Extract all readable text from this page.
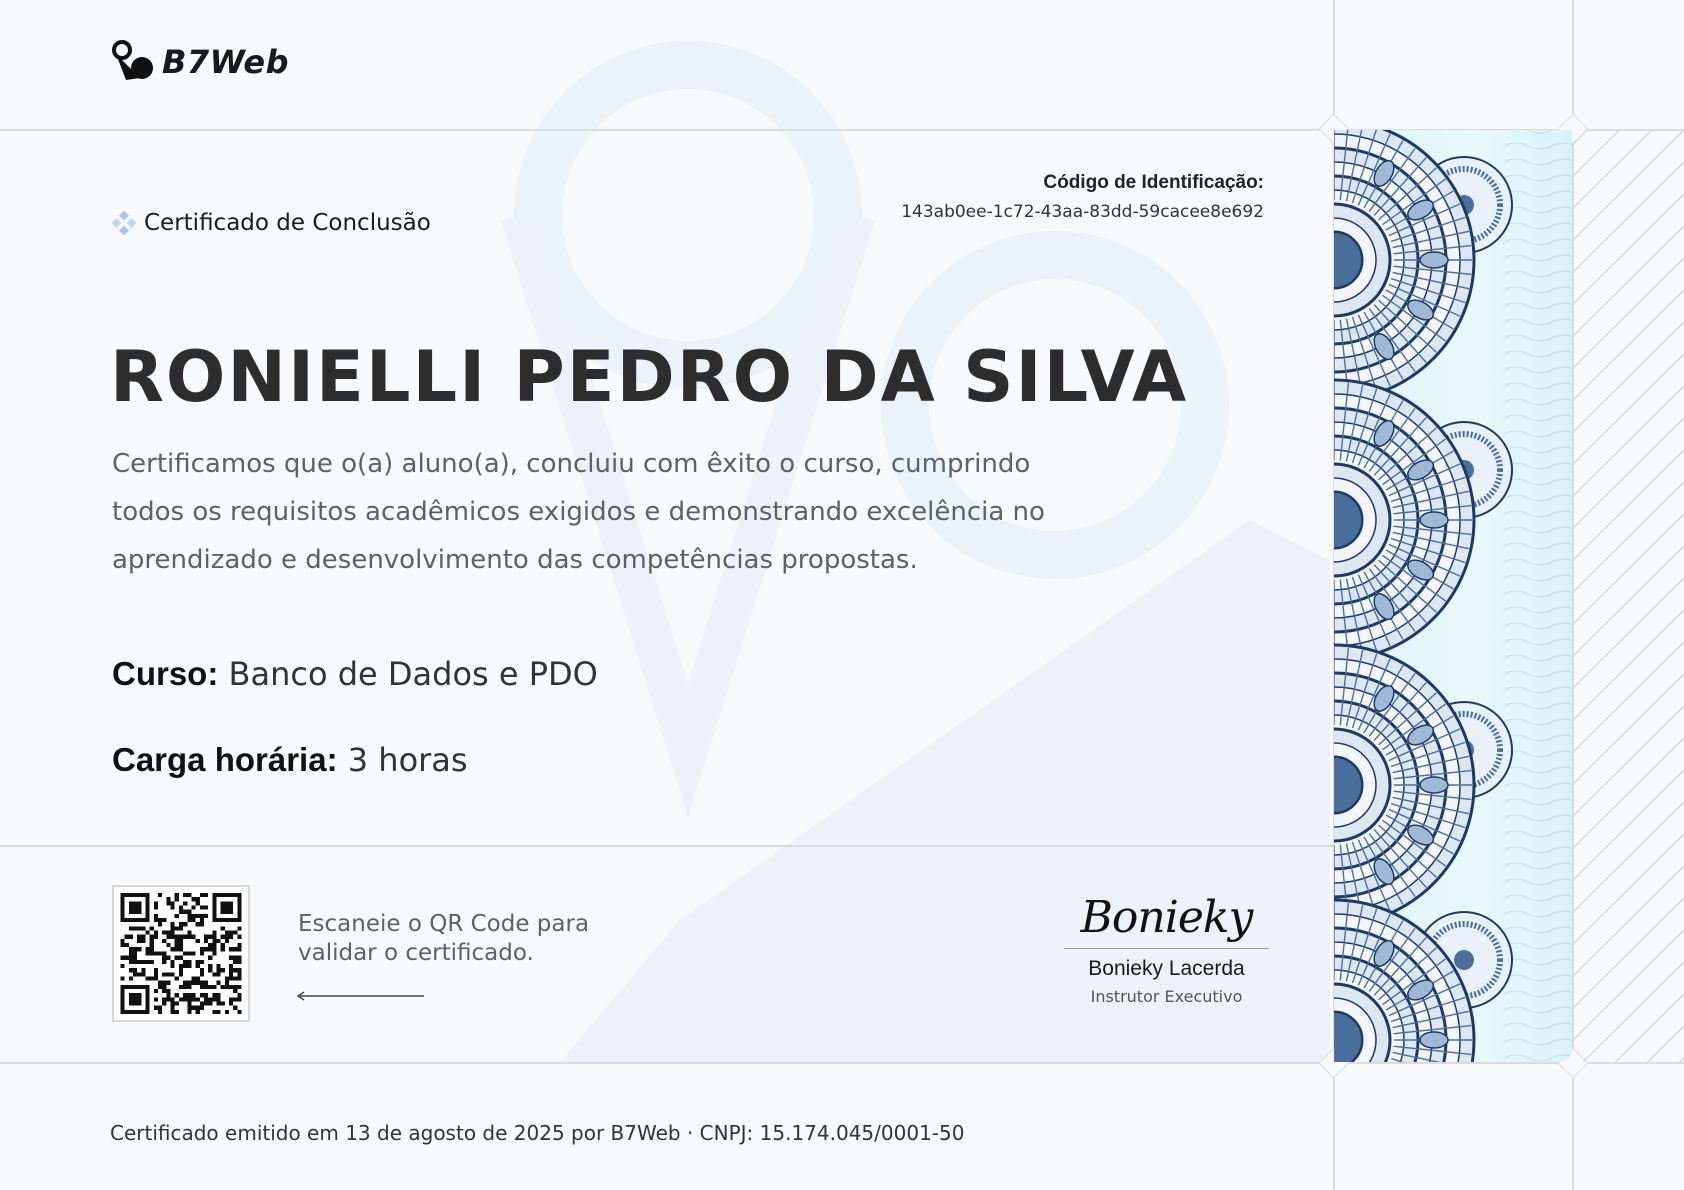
B7Web
Certificado de Conclusão
Código de Identificação:
143ab0ee-1c72-43aa-83dd-59cacee8e692
RONIELLI PEDRO DA SILVA
Certificamos que o(a) aluno(a), concluiu com êxito o curso, cumprindo todos os requisitos acadêmicos exigidos e demonstrando excelência no aprendizado e desenvolvimento das competências propostas.
Curso: Banco de Dados e PDO
Carga horária: 3 horas
Escaneie o QR Code para validar o certificado.
Bonieky
Bonieky Lacerda
Instrutor Executivo
Certificado emitido em 13 de agosto de 2025 por B7Web · CNPJ: 15.174.045/0001-50
